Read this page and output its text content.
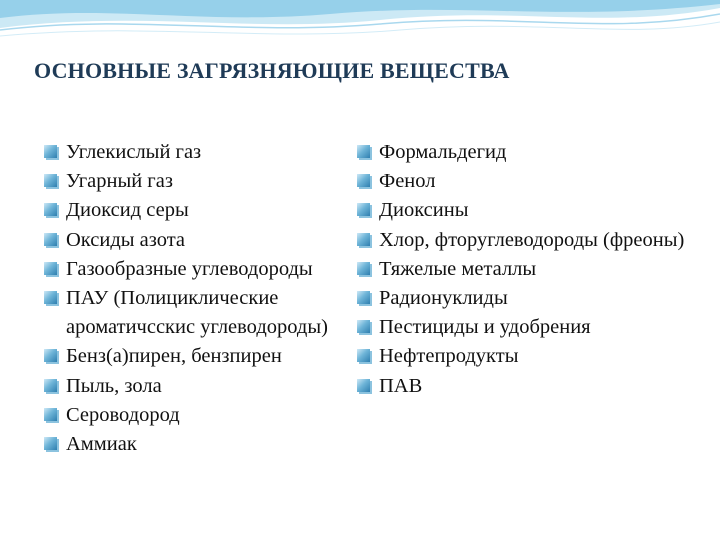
ОСНОВНЫЕ ЗАГРЯЗНЯЮЩИЕ ВЕЩЕСТВА
Углекислый газ
Угарный газ
Диоксид серы
Оксиды азота
Газообразные углеводороды
ПАУ (Полициклические ароматичсскис углеводороды)
Бенз(а)пирен, бензпирен
Пыль, зола
Сероводород
Аммиак
Формальдегид
Фенол
Диоксины
Хлор, фторуглеводороды (фреоны)
Тяжелые металлы
Радионуклиды
Пестициды и удобрения
Нефтепродукты
ПАВ
